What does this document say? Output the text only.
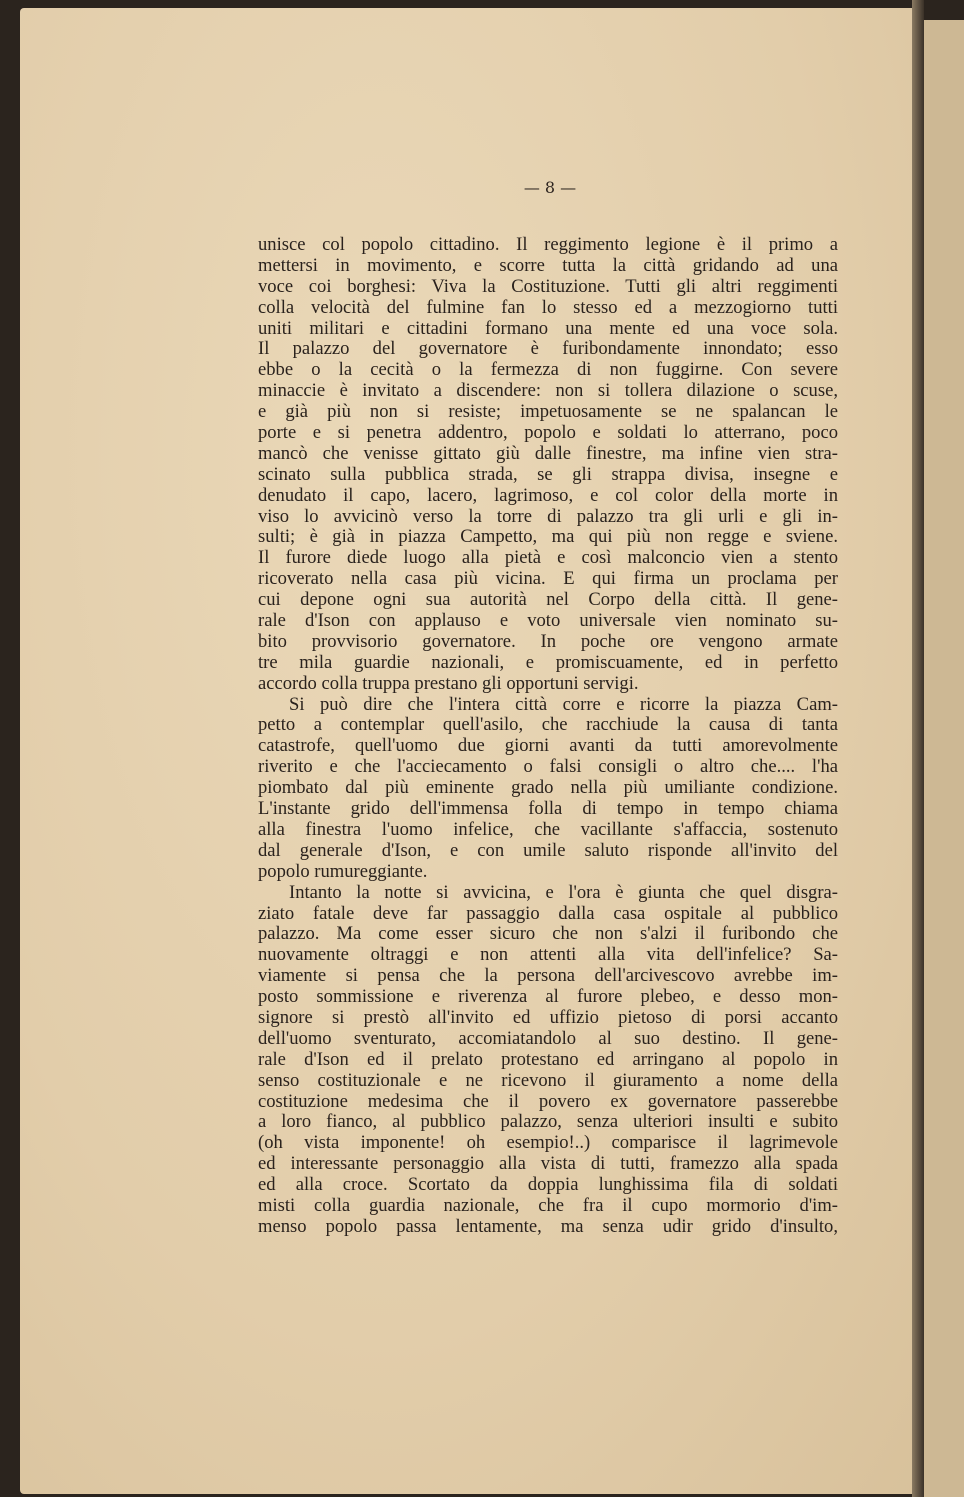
— 8 —
unisce col popolo cittadino. Il reggimento legione è il primo a
mettersi in movimento, e scorre tutta la città gridando ad una
voce coi borghesi: Viva la Costituzione. Tutti gli altri reggimenti
colla velocità del fulmine fan lo stesso ed a mezzogiorno tutti
uniti militari e cittadini formano una mente ed una voce sola.
Il palazzo del governatore è furibondamente innondato; esso
ebbe o la cecità o la fermezza di non fuggirne. Con severe
minaccie è invitato a discendere: non si tollera dilazione o scuse,
e già più non si resiste; impetuosamente se ne spalancan le
porte e si penetra addentro, popolo e soldati lo atterrano, poco
mancò che venisse gittato giù dalle finestre, ma infine vien stra-
scinato sulla pubblica strada, se gli strappa divisa, insegne e
denudato il capo, lacero, lagrimoso, e col color della morte in
viso lo avvicinò verso la torre di palazzo tra gli urli e gli in-
sulti; è già in piazza Campetto, ma qui più non regge e sviene.
Il furore diede luogo alla pietà e così malconcio vien a stento
ricoverato nella casa più vicina. E qui firma un proclama per
cui depone ogni sua autorità nel Corpo della città. Il gene-
rale d'Ison con applauso e voto universale vien nominato su-
bito provvisorio governatore. In poche ore vengono armate
tre mila guardie nazionali, e promiscuamente, ed in perfetto
accordo colla truppa prestano gli opportuni servigi.
Si può dire che l'intera città corre e ricorre la piazza Cam-
petto a contemplar quell'asilo, che racchiude la causa di tanta
catastrofe, quell'uomo due giorni avanti da tutti amorevolmente
riverito e che l'acciecamento o falsi consigli o altro che.... l'ha
piombato dal più eminente grado nella più umiliante condizione.
L'instante grido dell'immensa folla di tempo in tempo chiama
alla finestra l'uomo infelice, che vacillante s'affaccia, sostenuto
dal generale d'Ison, e con umile saluto risponde all'invito del
popolo rumureggiante.
Intanto la notte si avvicina, e l'ora è giunta che quel disgra-
ziato fatale deve far passaggio dalla casa ospitale al pubblico
palazzo. Ma come esser sicuro che non s'alzi il furibondo che
nuovamente oltraggi e non attenti alla vita dell'infelice? Sa-
viamente si pensa che la persona dell'arcivescovo avrebbe im-
posto sommissione e riverenza al furore plebeo, e desso mon-
signore si prestò all'invito ed uffizio pietoso di porsi accanto
dell'uomo sventurato, accomiatandolo al suo destino. Il gene-
rale d'Ison ed il prelato protestano ed arringano al popolo in
senso costituzionale e ne ricevono il giuramento a nome della
costituzione medesima che il povero ex governatore passerebbe
a loro fianco, al pubblico palazzo, senza ulteriori insulti e subito
(oh vista imponente! oh esempio!..) comparisce il lagrimevole
ed interessante personaggio alla vista di tutti, framezzo alla spada
ed alla croce. Scortato da doppia lunghissima fila di soldati
misti colla guardia nazionale, che fra il cupo mormorio d'im-
menso popolo passa lentamente, ma senza udir grido d'insulto,
